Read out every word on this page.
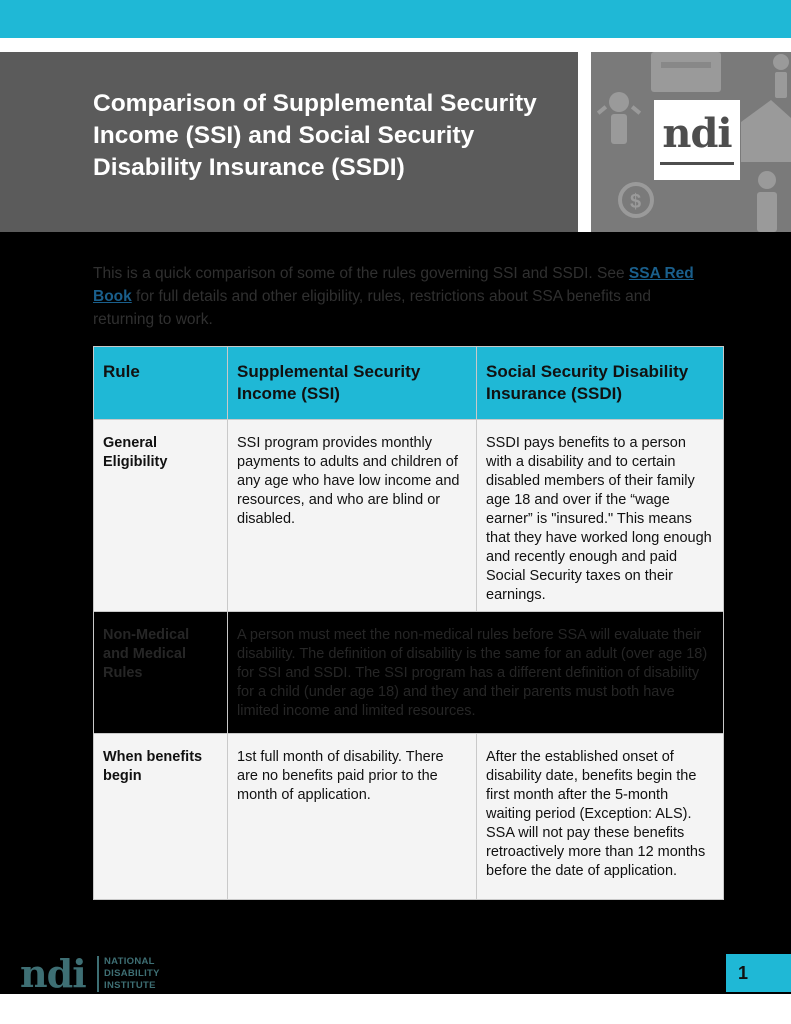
Comparison of Supplemental Security Income (SSI) and Social Security Disability Insurance (SSDI)
$
ndi

This is a quick comparison of some of the rules governing SSI and SSDI. See SSA Red Book for full details and other eligibility, rules, restrictions about SSA benefits and returning to work.

Rule	Supplemental Security Income (SSI)	Social Security Disability Insurance (SSDI)
General Eligibility	SSI program provides monthly payments to adults and children of any age who have low income and resources, and who are blind or disabled.	SSDI pays benefits to a person with a disability and to certain disabled members of their family age 18 and over if the “wage earner” is "insured." This means that they have worked long enough and recently enough and paid Social Security taxes on their earnings.
Non-Medical and Medical Rules	A person must meet the non-medical rules before SSA will evaluate their disability. The definition of disability is the same for an adult (over age 18) for SSI and SSDI. The SSI program has a different definition of disability for a child (under age 18) and they and their parents must both have limited income and limited resources.	
When benefits begin	1st full month of disability. There are no benefits paid prior to the month of application.	After the established onset of disability date, benefits begin the first month after the 5-month waiting period (Exception: ALS). SSA will not pay these benefits retroactively more than 12 months before the date of application.
ndi NATIONAL
DISABILITY
INSTITUTE
1
